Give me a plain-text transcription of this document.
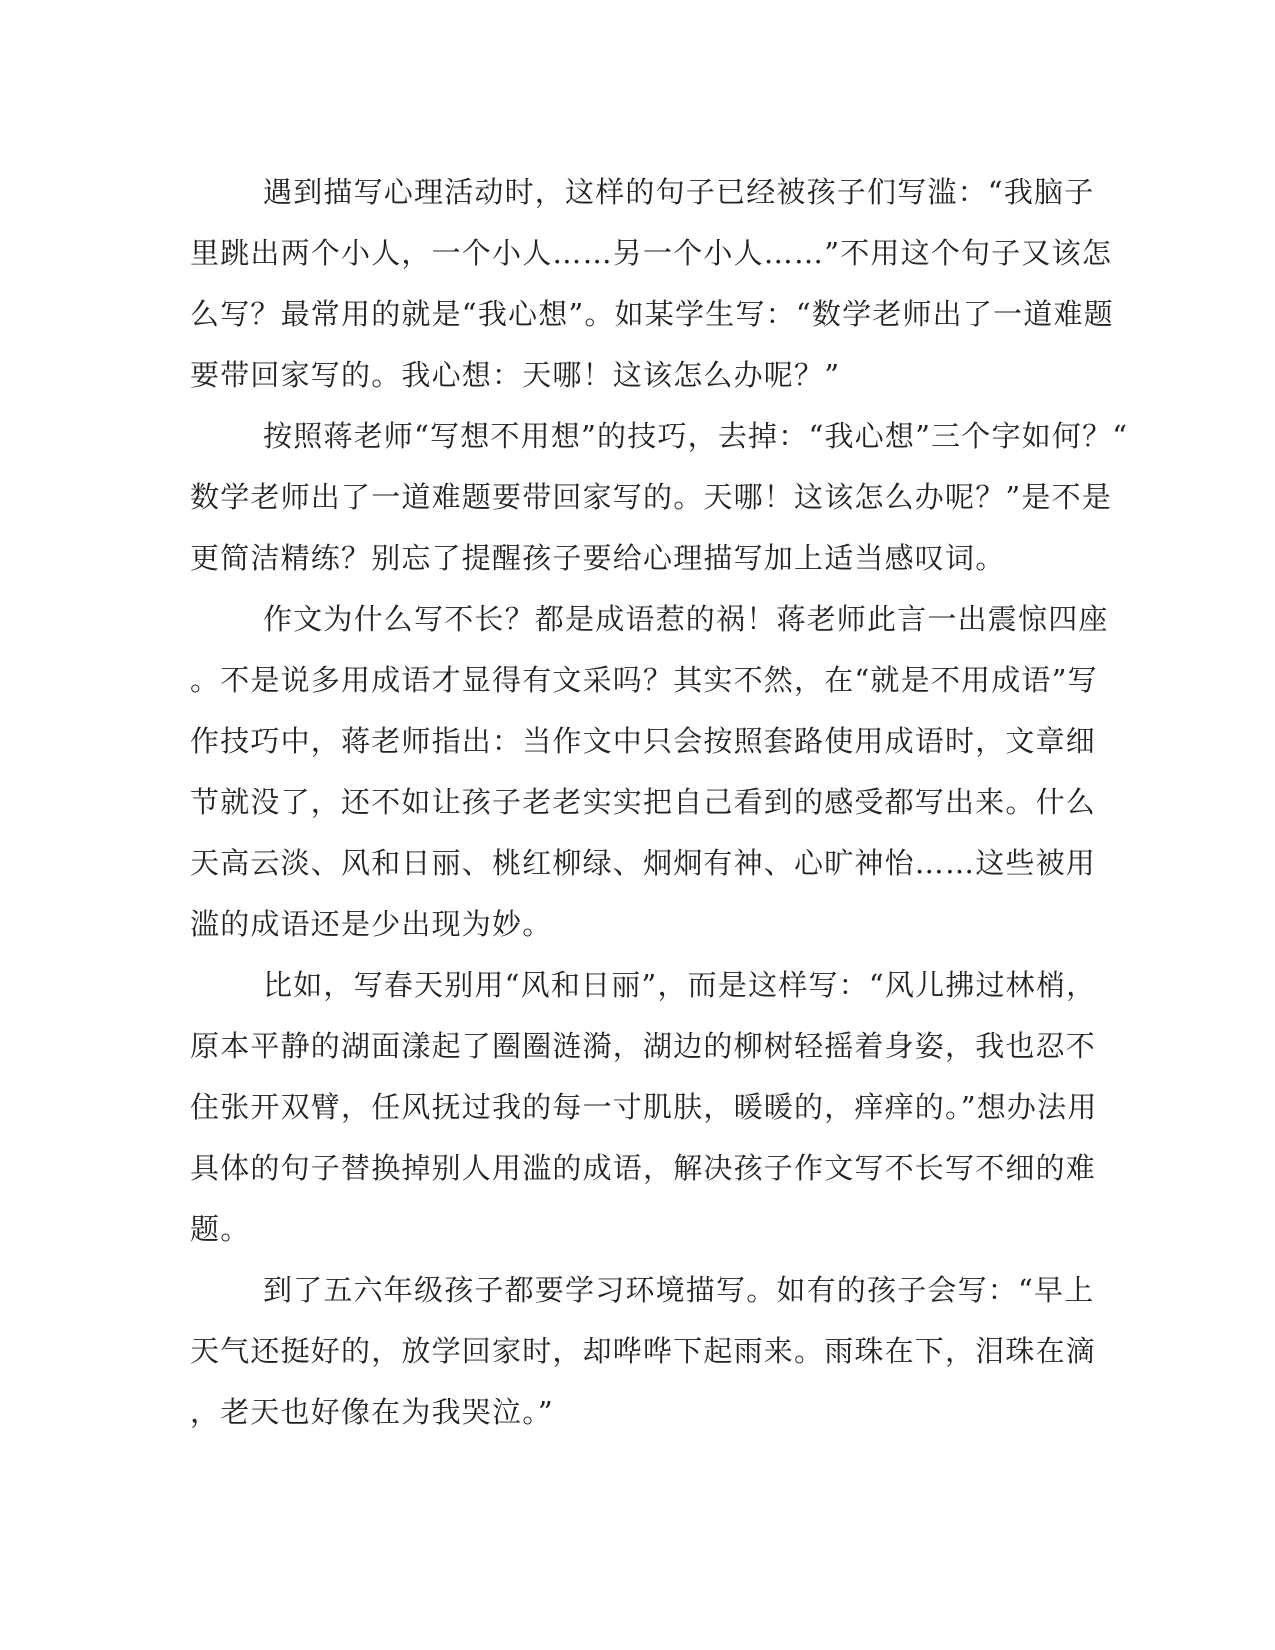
遇到描写心理活动时，这样的句子已经被孩子们写滥：“我脑子
里跳出两个小人，一个小人……另一个小人……”不用这个句子又该怎
么写？最常用的就是“我心想”。如某学生写：“数学老师出了一道难题
要带回家写的。我心想：天哪！这该怎么办呢？”
按照蒋老师“写想不用想”的技巧，去掉：“我心想”三个字如何？“
数学老师出了一道难题要带回家写的。天哪！这该怎么办呢？”是不是
更简洁精练？别忘了提醒孩子要给心理描写加上适当感叹词。
作文为什么写不长？都是成语惹的祸！蒋老师此言一出震惊四座
。不是说多用成语才显得有文采吗？其实不然，在“就是不用成语”写
作技巧中，蒋老师指出：当作文中只会按照套路使用成语时，文章细
节就没了，还不如让孩子老老实实把自己看到的感受都写出来。什么
天高云淡、风和日丽、桃红柳绿、炯炯有神、心旷神怡……这些被用
滥的成语还是少出现为妙。
比如，写春天别用“风和日丽”，而是这样写：“风儿拂过林梢，
原本平静的湖面漾起了圈圈涟漪，湖边的柳树轻摇着身姿，我也忍不
住张开双臂，任风抚过我的每一寸肌肤，暖暖的，痒痒的。”想办法用
具体的句子替换掉别人用滥的成语，解决孩子作文写不长写不细的难
题。
到了五六年级孩子都要学习环境描写。如有的孩子会写：“早上
天气还挺好的，放学回家时，却哗哗下起雨来。雨珠在下，泪珠在滴
，老天也好像在为我哭泣。”
